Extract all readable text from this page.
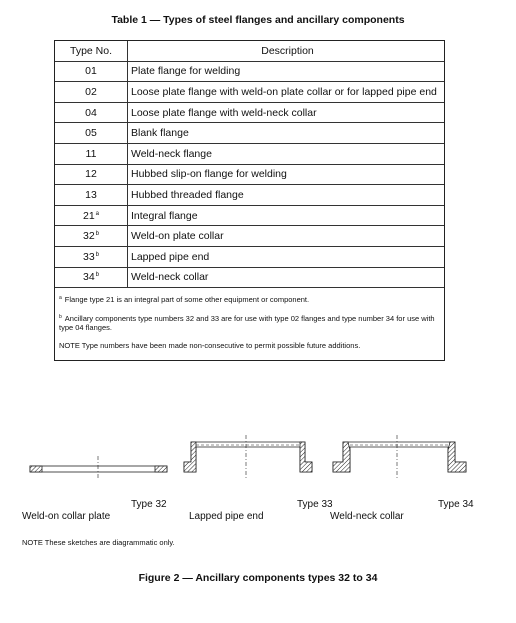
Table 1 — Types of steel flanges and ancillary components
Type No.	Description
01	Plate flange for welding
02	Loose plate flange with weld-on plate collar or for lapped pipe end
04	Loose plate flange with weld-neck collar
05	Blank flange
11	Weld-neck flange
12	Hubbed slip-on flange for welding
13	Hubbed threaded flange
21$^a$	Integral flange
32$^b$	Weld-on plate collar
33$^b$	Lapped pipe end
34$^b$	Weld-neck collar

$^a$ Flange type 21 is an integral part of some other equipment or component.

$^b$ Ancillary components type numbers 32 and 33 are for use with type 02 flanges and type number 34 for use with type 04 flanges.

NOTE Type numbers have been made non-consecutive to permit possible future additions.

Type 32	Type 33	Type 34
Weld-on collar plate	Lapped pipe end	Weld-neck collar
NOTE These sketches are diagrammatic only.
Figure 2 — Ancillary components types 32 to 34
